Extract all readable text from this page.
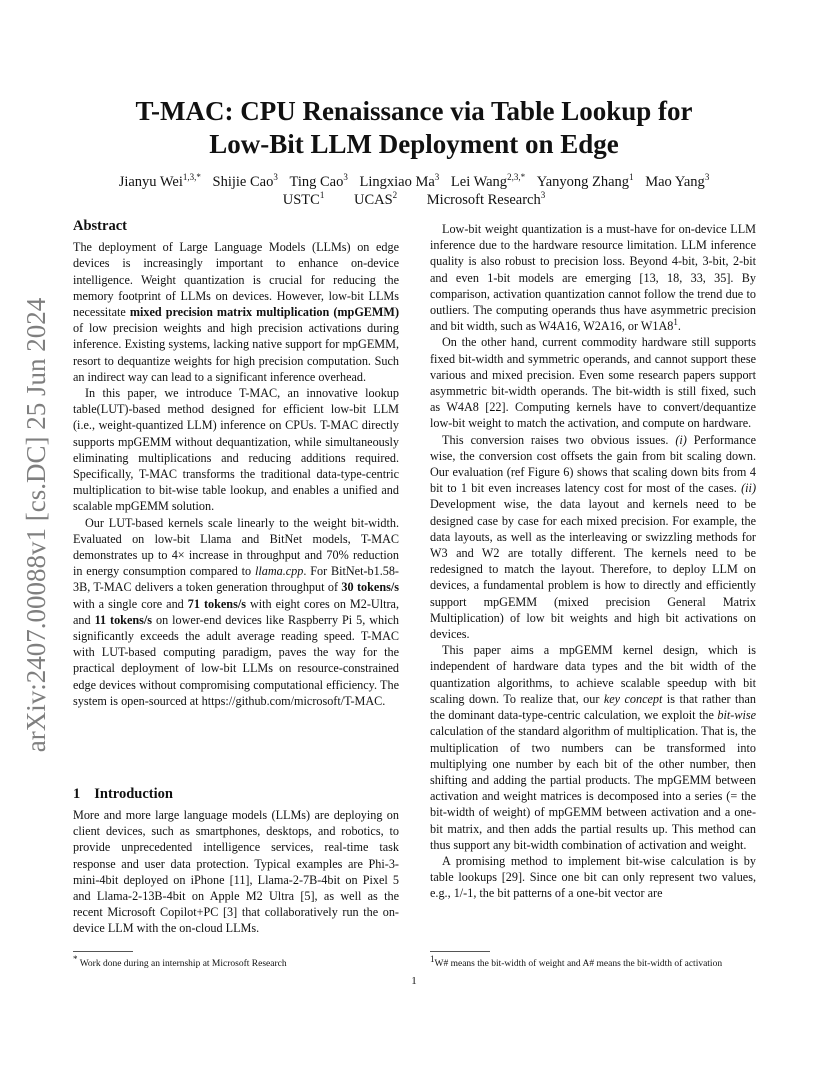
arXiv:2407.00088v1 [cs.DC] 25 Jun 2024
T-MAC: CPU Renaissance via Table Lookup for
Low-Bit LLM Deployment on Edge
Jianyu Wei$^{1,3,*}$ Shijie Cao$^3$ Ting Cao$^3$ Lingxiao Ma$^3$ Lei Wang$^{2,3,*}$ Yanyong Zhang$^1$ Mao Yang$^3$
USTC$^1$ UCAS$^2$ Microsoft Research$^3$
Abstract

The deployment of Large Language Models (LLMs) on edge devices is increasingly important to enhance on-device intelligence. Weight quantization is crucial for reducing the memory footprint of LLMs on devices. However, low-bit LLMs necessitate mixed precision matrix multiplication (mpGEMM) of low precision weights and high precision activations during inference. Existing systems, lacking native support for mpGEMM, resort to dequantize weights for high precision computation. Such an indirect way can lead to a significant inference overhead.

In this paper, we introduce T-MAC, an innovative lookup table(LUT)-based method designed for efficient low-bit LLM (i.e., weight-quantized LLM) inference on CPUs. T-MAC directly supports mpGEMM without dequantization, while simultaneously eliminating multiplications and reducing additions required. Specifically, T-MAC transforms the traditional data-type-centric multiplication to bit-wise table lookup, and enables a unified and scalable mpGEMM solution.

Our LUT-based kernels scale linearly to the weight bit-width. Evaluated on low-bit Llama and BitNet models, T-MAC demonstrates up to 4× increase in throughput and 70% reduction in energy consumption compared to llama.cpp. For BitNet-b1.58-3B, T-MAC delivers a token generation throughput of 30 tokens/s with a single core and 71 tokens/s with eight cores on M2-Ultra, and 11 tokens/s on lower-end devices like Raspberry Pi 5, which significantly exceeds the adult average reading speed. T-MAC with LUT-based computing paradigm, paves the way for the practical deployment of low-bit LLMs on resource-constrained edge devices without compromising computational efficiency. The system is open-sourced at https://github.com/microsoft/T-MAC.

1 Introduction

More and more large language models (LLMs) are deploying on client devices, such as smartphones, desktops, and robotics, to provide unprecedented intelligence services, real-time task response and user data protection. Typical examples are Phi-3-mini-4bit deployed on iPhone [11], Llama-2-7B-4bit on Pixel 5 and Llama-2-13B-4bit on Apple M2 Ultra [5], as well as the recent Microsoft Copilot+PC [3] that collaboratively run the on-device LLM with the on-cloud LLMs.

Low-bit weight quantization is a must-have for on-device LLM inference due to the hardware resource limitation. LLM inference quality is also robust to precision loss. Beyond 4-bit, 3-bit, 2-bit and even 1-bit models are emerging [13, 18, 33, 35]. By comparison, activation quantization cannot follow the trend due to outliers. The computing operands thus have asymmetric precision and bit width, such as W4A16, W2A16, or $W1A8^1$.

On the other hand, current commodity hardware still supports fixed bit-width and symmetric operands, and cannot support these various and mixed precision. Even some research papers support asymmetric bit-width operands. The bit-width is still fixed, such as W4A8 [22]. Computing kernels have to convert/dequantize low-bit weight to match the activation, and compute on hardware.

This conversion raises two obvious issues. (i) Performance wise, the conversion cost offsets the gain from bit scaling down. Our evaluation (ref Figure 6) shows that scaling down bits from 4 bit to 1 bit even increases latency cost for most of the cases. (ii) Development wise, the data layout and kernels need to be designed case by case for each mixed precision. For example, the data layouts, as well as the interleaving or swizzling methods for W3 and W2 are totally different. The kernels need to be redesigned to match the layout. Therefore, to deploy LLM on devices, a fundamental problem is how to directly and efficiently support mpGEMM (mixed precision General Matrix Multiplication) of low bit weights and high bit activations on devices.

This paper aims a mpGEMM kernel design, which is independent of hardware data types and the bit width of the quantization algorithms, to achieve scalable speedup with bit scaling down. To realize that, our key concept is that rather than the dominant data-type-centric calculation, we exploit the bit-wise calculation of the standard algorithm of multiplication. That is, the multiplication of two numbers can be transformed into multiplying one number by each bit of the other number, then shifting and adding the partial products. The mpGEMM between activation and weight matrices is decomposed into a series (= the bit-width of weight) of mpGEMM between activation and a one-bit matrix, and then adds the partial results up. This method can thus support any bit-width combination of activation and weight.

A promising method to implement bit-wise calculation is by table lookups [29]. Since one bit can only represent two values, e.g., 1/-1, the bit patterns of a one-bit vector are

* Work done during an internship at Microsoft Research
$^1$W# means the bit-width of weight and A# means the bit-width of activation
1
